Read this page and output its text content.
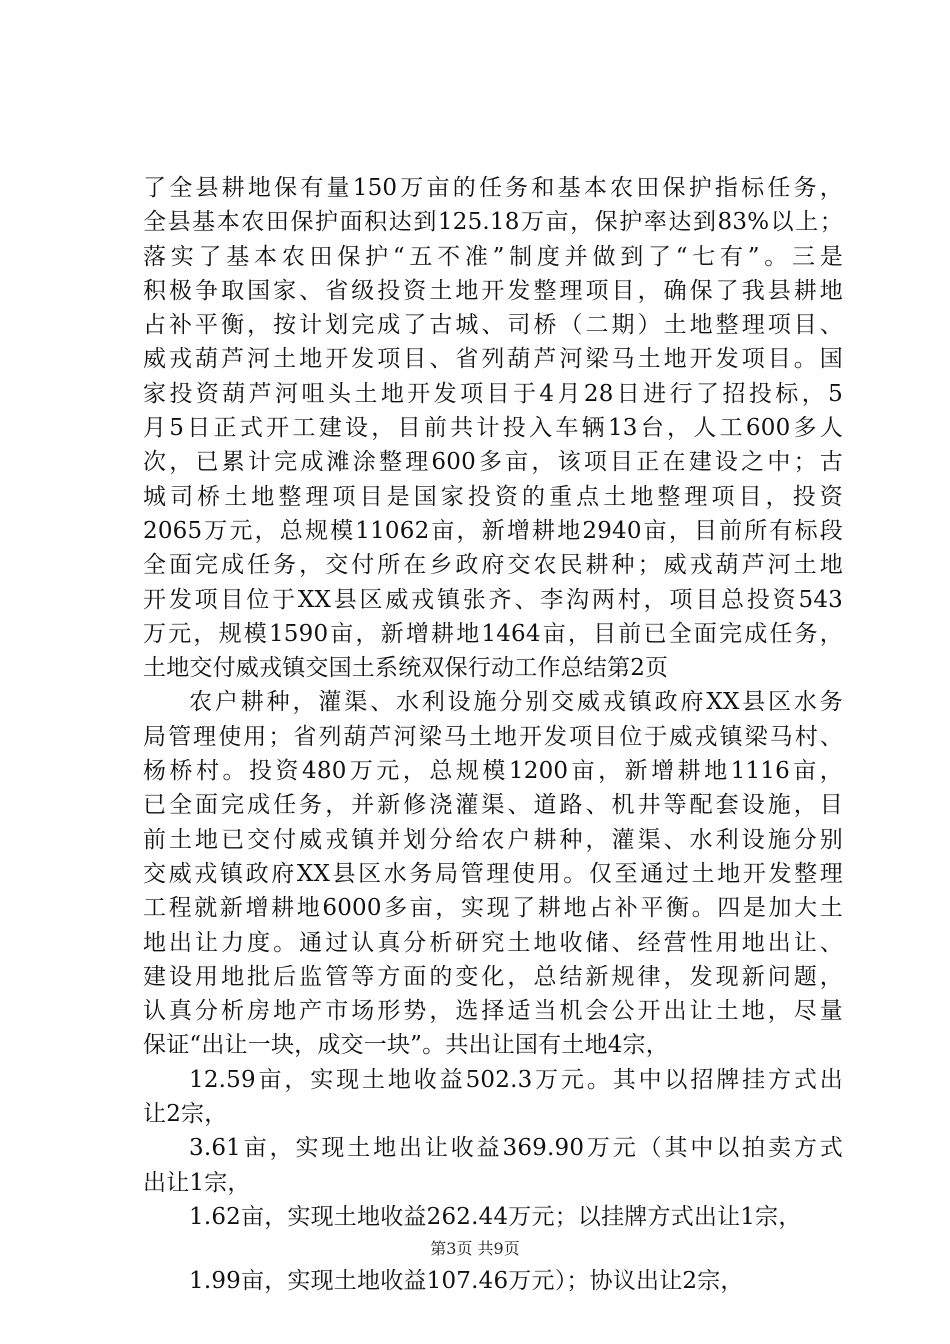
了全县耕地保有量150万亩的任务和基本农田保护指标任务，
全县基本农田保护面积达到125.18万亩，保护率达到83%以上；
落实了基本农田保护“五不准”制度并做到了“七有”。三是
积极争取国家、省级投资土地开发整理项目，确保了我县耕地
占补平衡，按计划完成了古城、司桥（二期）土地整理项目、
威戎葫芦河土地开发项目、省列葫芦河梁马土地开发项目。国
家投资葫芦河咀头土地开发项目于4月28日进行了招投标，5
月5日正式开工建设，目前共计投入车辆13台，人工600多人
次，已累计完成滩涂整理600多亩，该项目正在建设之中；古
城司桥土地整理项目是国家投资的重点土地整理项目，投资
2065万元，总规模11062亩，新增耕地2940亩，目前所有标段
全面完成任务，交付所在乡政府交农民耕种；威戎葫芦河土地
开发项目位于XX县区威戎镇张齐、李沟两村，项目总投资543
万元，规模1590亩，新增耕地1464亩，目前已全面完成任务，
土地交付威戎镇交国土系统双保行动工作总结第2页
农户耕种，灌渠、水利设施分别交威戎镇政府XX县区水务
局管理使用；省列葫芦河梁马土地开发项目位于威戎镇梁马村、
杨桥村。投资480万元，总规模1200亩，新增耕地1116亩，
已全面完成任务，并新修浇灌渠、道路、机井等配套设施，目
前土地已交付威戎镇并划分给农户耕种，灌渠、水利设施分别
交威戎镇政府XX县区水务局管理使用。仅至通过土地开发整理
工程就新增耕地6000多亩，实现了耕地占补平衡。四是加大土
地出让力度。通过认真分析研究土地收储、经营性用地出让、
建设用地批后监管等方面的变化，总结新规律，发现新问题，
认真分析房地产市场形势，选择适当机会公开出让土地，尽量
保证“出让一块，成交一块”。共出让国有土地4宗，
12.59亩，实现土地收益502.3万元。其中以招牌挂方式出
让2宗，
3.61亩，实现土地出让收益369.90万元（其中以拍卖方式
出让1宗，
1.62亩，实现土地收益262.44万元；以挂牌方式出让1宗，
1.99亩，实现土地收益107.46万元）；协议出让2宗，
第3页 共9页
